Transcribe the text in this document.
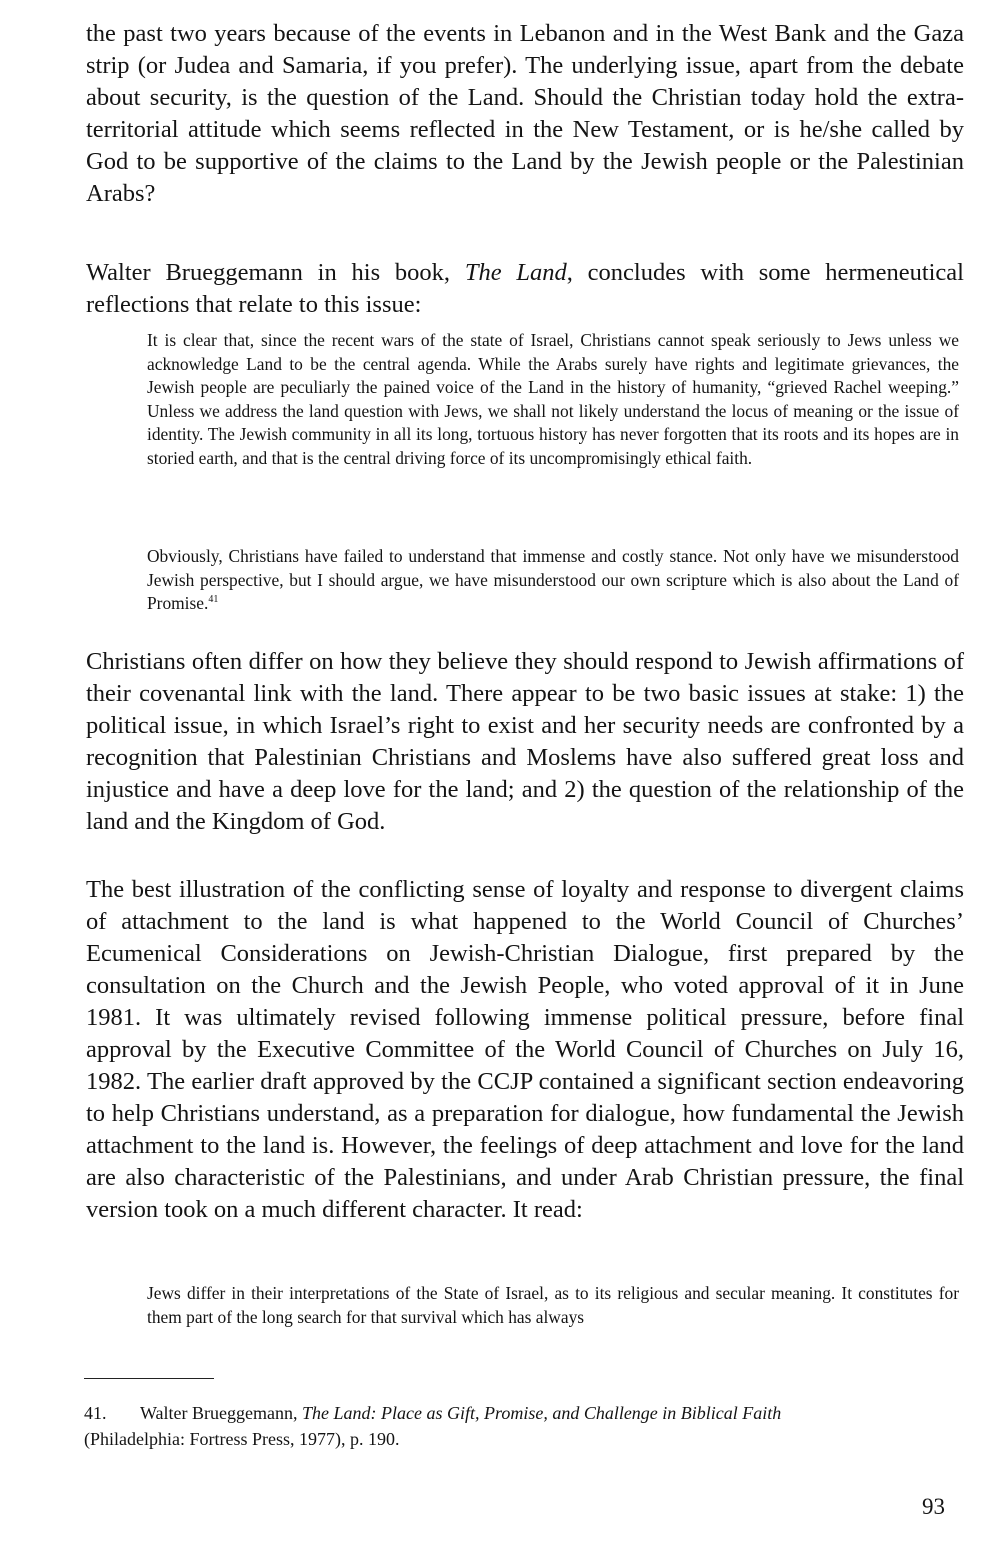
the past two years because of the events in Lebanon and in the West Bank and the Gaza strip (or Judea and Samaria, if you prefer). The underlying issue, apart from the debate about security, is the question of the Land. Should the Christian today hold the extra-territorial attitude which seems reflected in the New Testament, or is he/she called by God to be supportive of the claims to the Land by the Jewish people or the Palestinian Arabs?

Walter Brueggemann in his book, The Land, concludes with some hermeneutical reflections that relate to this issue:

It is clear that, since the recent wars of the state of Israel, Christians cannot speak seriously to Jews unless we acknowledge Land to be the central agenda. While the Arabs surely have rights and legitimate grievances, the Jewish people are peculiarly the pained voice of the Land in the history of humanity, “grieved Rachel weeping.” Unless we address the land question with Jews, we shall not likely understand the locus of meaning or the issue of identity. The Jewish community in all its long, tortuous history has never forgotten that its roots and its hopes are in storied earth, and that is the central driving force of its uncompromisingly ethical faith.

Obviously, Christians have failed to understand that immense and costly stance. Not only have we misunderstood Jewish perspective, but I should argue, we have misunderstood our own scripture which is also about the Land of Promise.$^{41}$

Christians often differ on how they believe they should respond to Jewish affirmations of their covenantal link with the land. There appear to be two basic issues at stake: 1) the political issue, in which Israel’s right to exist and her security needs are confronted by a recognition that Palestinian Christians and Moslems have also suffered great loss and injustice and have a deep love for the land; and 2) the question of the relationship of the land and the Kingdom of God.

The best illustration of the conflicting sense of loyalty and response to divergent claims of attachment to the land is what happened to the World Council of Churches’ Ecumenical Considerations on Jewish-Christian Dialogue, first prepared by the consultation on the Church and the Jewish People, who voted approval of it in June 1981. It was ultimately revised following immense political pressure, before final approval by the Executive Committee of the World Council of Churches on July 16, 1982. The earlier draft approved by the CCJP contained a significant section endeavoring to help Christians understand, as a preparation for dialogue, how fundamental the Jewish attachment to the land is. However, the feelings of deep attachment and love for the land are also characteristic of the Palestinians, and under Arab Christian pressure, the final version took on a much different character. It read:

Jews differ in their interpretations of the State of Israel, as to its religious and secular meaning. It constitutes for them part of the long search for that survival which has always

41. Walter Brueggemann, The Land: Place as Gift, Promise, and Challenge in Biblical Faith
(Philadelphia: Fortress Press, 1977), p. 190.
93
